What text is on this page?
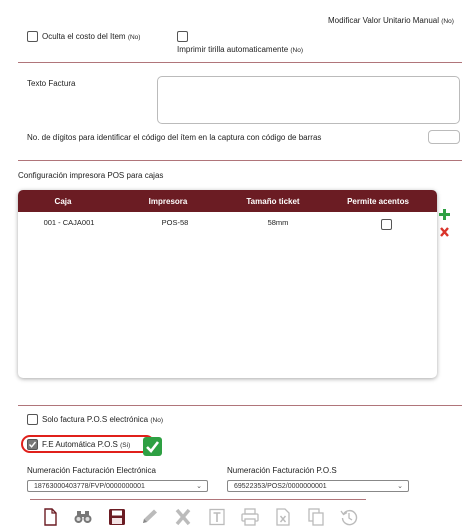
Modificar Valor Unitario Manual (No)
Oculta el costo del Item (No)
Imprimir tirilla automaticamente (No)
Texto Factura
No. de dígitos para identificar el código del ítem en la captura con código de barras
Configuración impresora POS para cajas
Caja	Impresora	Tamaño ticket	Permite acentos
001 - CAJA001	POS-58	58mm
Solo factura P.O.S electrónica (No)
F.E Automática P.O.S (Si)
Numeración Facturación Electrónica
18763000403778/FVP/0000000001	⌄
Numeración Facturación P.O.S
69522353/POS2/0000000001	⌄
